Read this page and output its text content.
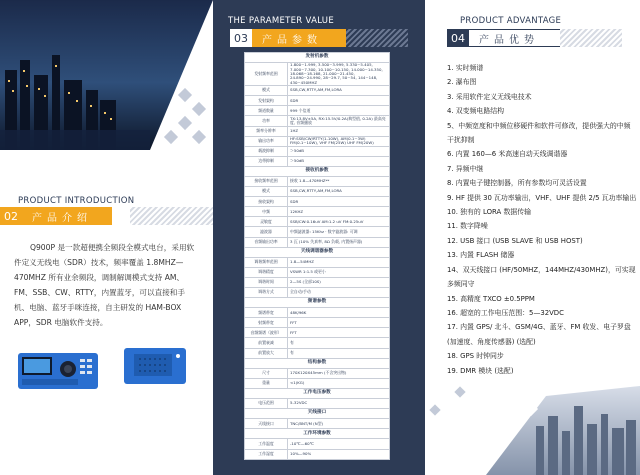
PRODUCT INTRODUCTION
02	产品介绍
Q900P 是一款超便携全频段全模式电台，采用软件定义无线电（SDR）技术，频率覆盖 1.8MHZ—470MHZ 所有业余频段，调制解调模式支持 AM、FM、SSB、CW、RTTY，内置蓝牙，可以直接和手机、电脑、蓝牙手咪连接，自主研发的 HAM-BOX APP，SDR 电脑软件支持。
THE PARAMETER VALUE
03	产品参数
发射机参数	
发射频率范围	1.800~1.999, 3.500~3.999, 5.330~5.405, 7.000~7.300, 10.100~10.150, 14.000~14.350, 18.068~18.168, 21.000~21.450, 24.890~24.990, 28~29.7, 50~54, 144~148, 430~450MHZ
模式	SSB,CW,RTTY,AM,FM,LORA
发射架构	SDR
频道数量	999 个信道
功率	TX:13.8V±5A, RX:15.5V/0.2A(典型值, 0.2A) 最高亮度, 音频播放
频率分辨率	1HZ
输出功率	HF:SSB/CW/RTTY(1-10W), AM(0.1~3W) FM(0.1~10W), VHF FM(25W) UHF FM(20W)
载波抑制	＞50dB
边带抑制	＞50dB
接收机参数	
接收频率范围	接收 1.8—470MHZ**
模式	SSB,CW,RTTY,AM,FM,LORA
接收架构	SDR
中频	12KHZ
灵敏度	SSB/CW:0.16uV AM:1.2 uV FM:0.25uV
滤波器	中频滤波器: 15Khz · 数字滤波器: 可调
音频输出功率	3 瓦 (10% 失真率, 8Ω 负载, 内置扬声器)
天线调谐器参数	
调谐频率范围	1.8—54MHZ
调谐精度	VSWR 1:1.5 或更小
调谐时间	2—5S (全部10S)
调谐方式	全自动/手动
频谱参数	
频谱带宽	48K/96K
射频带宽	FFT
音频频谱（波形）	FFT
前置衰减	有
前置放大	有
结构参数	
尺寸	170X120X45mm (不含突出物)
重量	<1(KG)
工作电压参数	
电压范围	5-32VDC
天线接口	
天线接口	TNC/BNT/M (N型)
工作环境参数	
工作温度	-10℃—60℃
工作湿度	10%—90%
PRODUCT ADVANTAGE
04	产品优势
1. 实时频谱
2. 瀑布图
3. 采用软件定义无线电技术
4. 双变频电路结构
5、中频宽度和中频位移硬件和软件可修改，提供强大的中频干扰抑制
6. 内置 160—6 米高速自动天线调谐器
7. 异频中继
8. 内置电子键控制器，所有参数均可灵活设置
9. HF 提供 30 瓦功率输出，VHF、UHF 提供 2/5 瓦功率输出
10. 独有的 LORA 数据传输
11. 数字降噪
12. USB 接口 (USB SLAVE 和 USB HOST)
13. 内置 FLASH 储器
14、双天线接口 (HF/50MHZ，144MHZ/430MHZ)，可实现多频同守
15. 高精度 TXCO ±0.5PPM
16. 超宽的工作电压范围：5—32VDC
17. 内置 GPS/ 北斗、GSM/4G、蓝牙、FM 收发、电子罗盘 (加速度、角度传感器) (选配)
18. GPS 时钟同步
19. DMR 模块 (选配)
